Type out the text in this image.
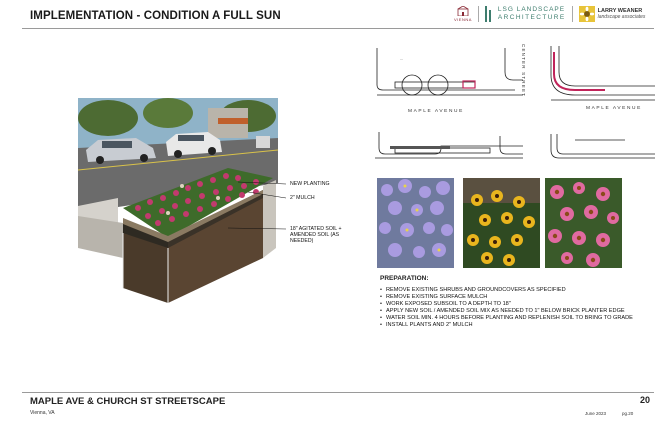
IMPLEMENTATION - CONDITION A FULL SUN	VIENNA
LSG LANDSCAPE
ARCHITECTURE
LARRY WEANER
landscape associates
NEW PLANTING
2" MULCH
18" AGITATED SOIL + AMENDED SOIL (AS NEEDED)
—
MAPLE AVENUE
CENTER STREET
MAPLE AVENUE
PREPARATION:
• REMOVE EXISTING SHRUBS AND GROUNDCOVERS AS SPECIFIED
• REMOVE EXISTING SURFACE MULCH
• WORK EXPOSED SUBSOIL TO A DEPTH TO 18"
• APPLY NEW SOIL / AMENDED SOIL MIX AS NEEDED TO 1" BELOW BRICK PLANTER EDGE
• WATER SOIL MIN. 4 HOURS BEFORE PLANTING AND REPLENISH SOIL TO BRING TO GRADE
• INSTALL PLANTS AND 2" MULCH
MAPLE AVE & CHURCH ST STREETSCAPE	20
Vienna, VA	June 2023	pg.20
